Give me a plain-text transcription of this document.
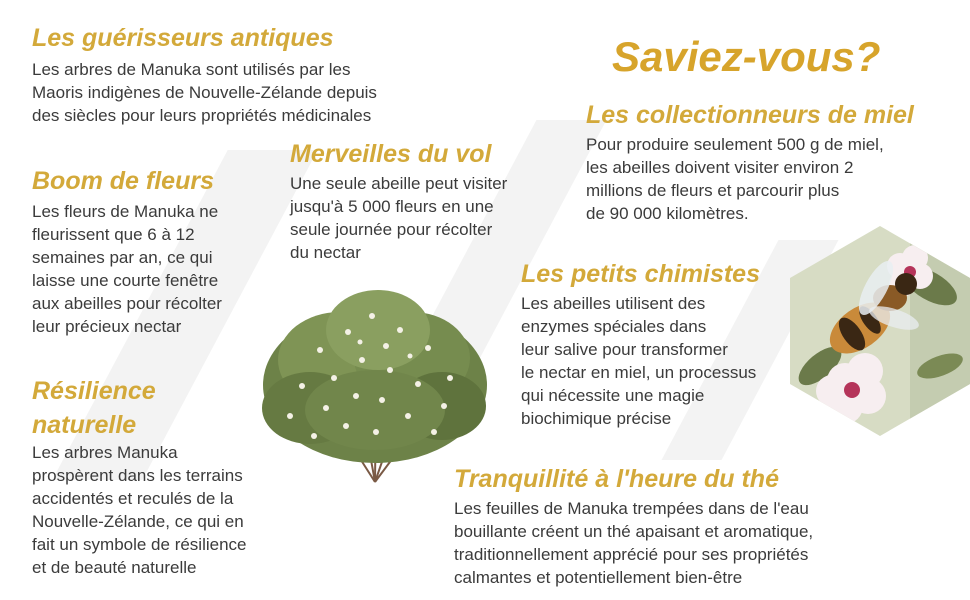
Saviez-vous?
Les guérisseurs antiques

Les arbres de Manuka sont utilisés par les
Maoris indigènes de Nouvelle-Zélande depuis
des siècles pour leurs propriétés médicinales

Boom de fleurs

Les fleurs de Manuka ne
fleurissent que 6 à 12
semaines par an, ce qui
laisse une courte fenêtre
aux abeilles pour récolter
leur précieux nectar

Résilience
naturelle

Les arbres Manuka
prospèrent dans les terrains
accidentés et reculés de la
Nouvelle-Zélande, ce qui en
fait un symbole de résilience
et de beauté naturelle

Merveilles du vol

Une seule abeille peut visiter
jusqu'à 5 000 fleurs en une
seule journée pour récolter
du nectar

Les collectionneurs de miel

Pour produire seulement 500 g de miel,
les abeilles doivent visiter environ 2
millions de fleurs et parcourir plus
de 90 000 kilomètres.

Les petits chimistes

Les abeilles utilisent des
enzymes spéciales dans
leur salive pour transformer
le nectar en miel, un processus
qui nécessite une magie
biochimique précise

Tranquillité à l'heure du thé

Les feuilles de Manuka trempées dans de l'eau
bouillante créent un thé apaisant et aromatique,
traditionnellement apprécié pour ses propriétés
calmantes et potentiellement bien-être
